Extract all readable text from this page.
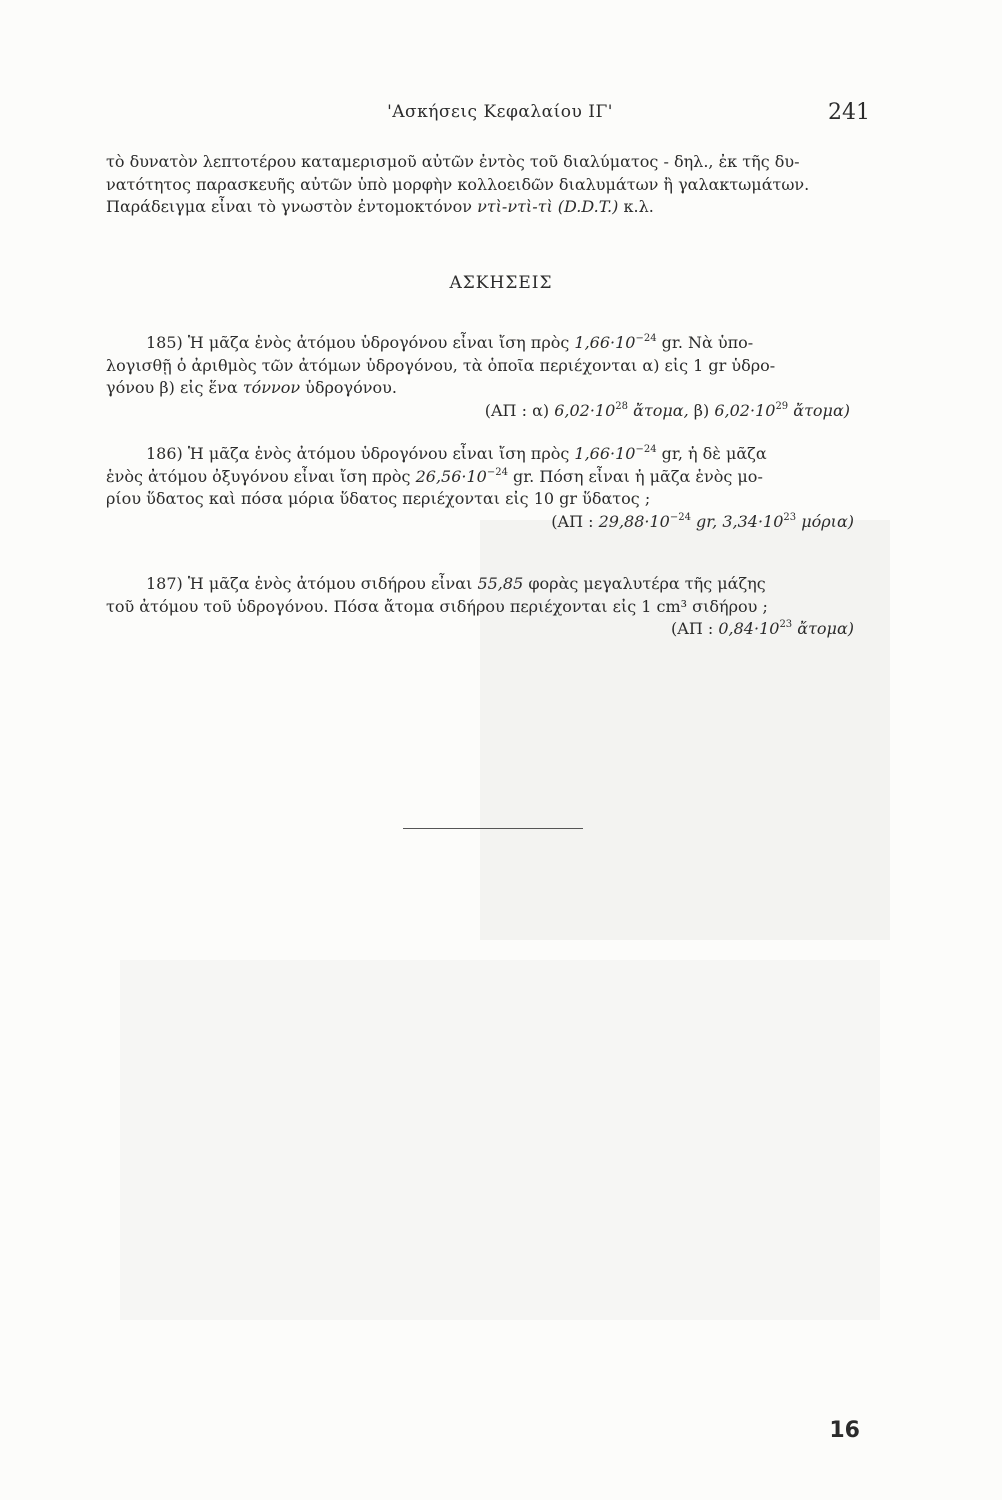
'Ασκήσεις Κεφαλαίου ΙΓ'	241

τὸ δυνατὸν λεπτοτέρου καταμερισμοῦ αὐτῶν ἐντὸς τοῦ διαλύματος - δηλ., ἐκ τῆς δυ-

νατότητος παρασκευῆς αὐτῶν ὑπὸ μορφὴν κολλοειδῶν διαλυμάτων ἢ γαλακτωμάτων.

Παράδειγμα εἶναι τὸ γνωστὸν ἐντομοκτόνον ντὶ-ντὶ-τὶ (D.D.T.) κ.λ.

ΑΣΚΗΣΕΙΣ

185) Ἡ μᾶζα ἑνὸς ἀτόμου ὑδρογόνου εἶναι ἴση πρὸς $1,66\cdot 10^{-24}$ gr. Νὰ ὑπο-

λογισθῇ ὁ ἀριθμὸς τῶν ἀτόμων ὑδρογόνου, τὰ ὁποῖα περιέχονται α) εἰς 1 gr ὑδρο-

γόνου β) εἰς ἕνα τόννον ὑδρογόνου.

(ΑΠ : α) $6,02\cdot 10^{28}$ ἄτομα, β) $6,02\cdot 10^{29}$ ἄτομα)

186) Ἡ μᾶζα ἑνὸς ἀτόμου ὑδρογόνου εἶναι ἴση πρὸς $1,66\cdot 10^{-24}$ gr, ἡ δὲ μᾶζα

ἑνὸς ἀτόμου ὀξυγόνου εἶναι ἴση πρὸς $26,56\cdot 10^{-24}$ gr. Πόση εἶναι ἡ μᾶζα ἑνὸς μο-

ρίου ὕδατος καὶ πόσα μόρια ὕδατος περιέχονται εἰς 10 gr ὕδατος ;

(ΑΠ : $29,88\cdot 10^{-24}$ gr, $3,34\cdot 10^{23}$ μόρια)

187) Ἡ μᾶζα ἑνὸς ἀτόμου σιδήρου εἶναι 55,85 φορὰς μεγαλυτέρα τῆς μάζης

τοῦ ἀτόμου τοῦ ὑδρογόνου. Πόσα ἄτομα σιδήρου περιέχονται εἰς 1 cm³ σιδήρου ;

(ΑΠ : $0,84\cdot 10^{23}$ ἄτομα)

16
